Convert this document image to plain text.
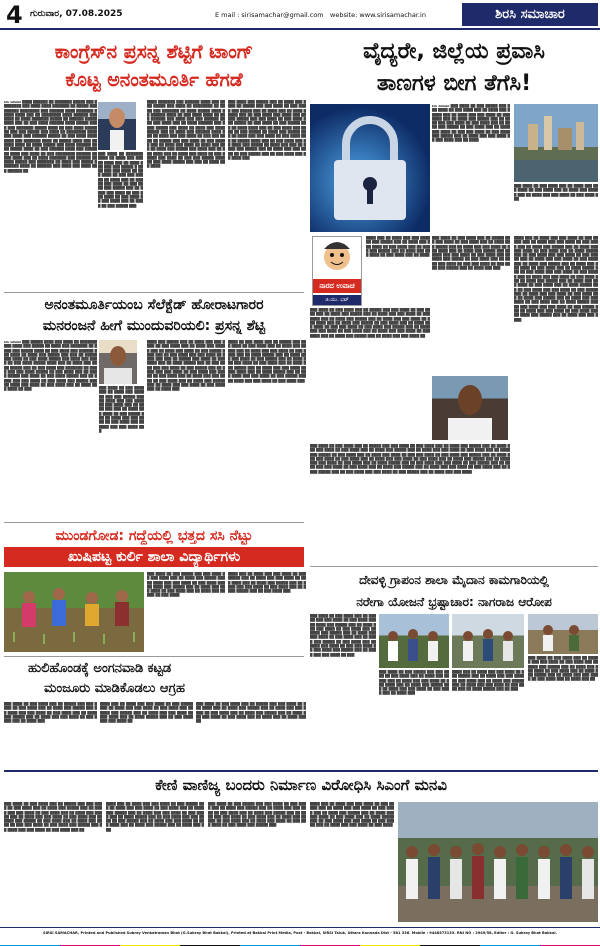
4 ಗುರುವಾರ, 07.08.2025	E mail : sirisamachar@gmail.com website: www.sirisamachar.in	ಶಿರಸಿ ಸಮಾಚಾರ
ಕಾಂಗ್ರೆಸ್‌ನ ಪ್ರಸನ್ನ ಶೆಟ್ಟಿಗೆ ಟಾಂಗ್
ಕೊಟ್ಟ ಅನಂತಮೂರ್ತಿ ಹೆಗಡೆ
ಶಿರಸಿ ಸಮಾಚಾರ ████ ██████ ██ ███████ █████ ███ ████████ ███ ████ ████ ███████ ██ █████ ███ ██████ ████████ ███ ██████ ████ ███████ █████ ████ ███ ██ ████████ ████ ██████ ███ ████ ██ ████ ███████ █████ ██ ██████ █████████ ███ ██ ███ ████ ██████ ████ █████ ████ ███ ███████ █████ ████ ██ ███ ████ ███████ ███ ███ █████ ███ ████ ██ ████████ ███████ ████ ███ ██████ █████ ██ ███ ████ ████████ ███ ███████ ████ ██ █████ ████ ███ ██████ ████ ██ ████ █████ ███ ████ ██████ ████ █████ ████ ██ ███ ██████ ████ ███ ███████ ████ ███ ████ ██ ███ ████████ ██████ █████ ████ ███ ██ ████ ███████ ███ ██████ ██ ████ █████ ███ ███████ ██ ████ ███ █████ ███████ ████ ██ ██████ ███ ████ ███ ████ ███ ██████ ██
███ ████ ██ ███████ ████ ██ ████ ███ █████ ████ ███ ██ ████ ███ ███ ███ █████ █ ████ ███ ███ ████ ██ ███ ████ ██ ███ ███ █████ ██ ████ ███ ██ █████ ███ ████ ██ ███ ████ ███ █████ ███ ██ ████ ███ ████ ██ ███ ███ ████ ██ ███ ████ ██ ███ ████ ███ ██ ████ ██ ███ █████ ███
████ ███████ ███ ██████ ████ ███ ████ █████ ███ ████ ██ ████████ ██ ████ ███ ███████ ██ ████ █████ ████ ██ ██████ ████ ██ ███ ████ ████ ██ ███ ██████ ███ ████ ███ ███ ██████ ████ ███ ████ ███ ██ ████ ██████ ███ ████ █████ ███ ████ ██ ████ ███ ████ █████ ███ ██ ████ ███ ██████ ████ ███ ██ ████ ███ ███ ████ ██ ███ ███ ████ ██ █████ ███ ███ ████ ██ ███ █████ ███ ██ ████ ███ ████ ██ ████ ███ ███ ██ ████ ███ █████ ███ ████ ███ ██ ███ ████ ███ ██ ████ ███ ████ ██ ███ █████ ███ ████ ██ ███ ███ █████ ████ ██ ███ ████ █████ ███ ███ ██ ████ ███ ████
███ ████ ███ █████ ███ ██ ████ ███ ████ ██ █████ ███ ███ ████ ██ ███ ████ ███ █████ ███ ██ ████ ███ ██ ████ █████ ███ ██ ███ ████ ███ ████ ███ ██ ███ █████ ███ ███ ████ ██ ███ ████ ███ █████ ██ ███ ████ ██ ███ █████ ███ ██ ████ ████ ███ ██ ███ ████ ███ ████ ██ ███ █████ ██ ████ ███ █████ ███ ██ ████ ███ ███ ████ ██ ███ ████ ███ ██ █████ ████ ███ ██ ███ ████ ███ ██ ████ ███ █████ ██ ████ ███ ███ ██ ████ ███ █████ ███ ██ ████ ███ ███ ████ ██ ███ █████ ███ ██ ███ ████ ███ ██ ████ ███
ಅನಂತಮೂರ್ತಿಯಂಬ ಸೆಲೆಕ್ಟೆಡ್ ಹೋರಾಟಗಾರರ
ಮನರಂಜನೆ ಹೀಗೆ ಮುಂದುವರಿಯಲಿ: ಪ್ರಸನ್ನ ಶೆಟ್ಟಿ
ಶಿರಸಿ ಸಮಾಚಾರ ███ █████ ████ ███ ████ ██ ███████ ███ ████ ███ █████ ██ ████ ███ ███████ ██ ████ ███ █████ ████ ██ ███ ████ ███ ██████ ███ ████ ██ ████ ███ █████ ███ ███ ██ █████ ███ ████ ██ ███ ████ █████ ███ ████ ███ ████ ██ ███ ████ █████ ████ ███ ██ ████ ███ ████ █████ ███ ██ ███ ████ ███ ███████ ██ ████ ███ ███ ████ █████ ██ ███ ████ ███ ██ ████ █████ ███ ████ ██ ███ ████ █████ ███ ██ ████ ███ ███ ████ ██ ███ ████ ███ █████ ███ ██ ████ ███ ████ ██ ███ ████ ███ ██ ████ ███ ████ ██ ███	███ ████ ██ ███ ████ ███ ██ ████ ███ ████ ██ ███ ███ █████ ███ ██ ████ ███ ███ ████ ██ ███ ████ ███ ██ ████ ███ ███ ██ ████ ███ ████ ██ ███ █████ ███ ██ ████ ███ ███ ████ ██ ███ ████ ███ ██ ████ ███ ███ ████ ███
████ ███ █████ ███ ██ ████ ███ ███ ████ ██ ███ ████ ███ ██ ████ ███ █████ ███ ██ ████ ███ ████ ██ ███ █████ ████ ███ ██ ███ ████ ███ ███ ████ ██ ████ ███ ███ ██ █████ ███ ████ ██ ███ ████ ███ ██ ████ █████ ███ ██ ███ ████ ███ ███ ████ ██ ███ █████ ███ ██ ████ ███ ███ ████ ██ ███ ████ ███ █████ ██ ███ ████ ███ ██ ████ ███ ███ ████ ██ ███ ████ ███ ██ ████ ███ █████ ███ ██ ████ ███ ███ ████ ██ ███ ████ ███ ██ ████ ███
████ ██ ███ ████ ███ ██ █████ ███ ███ ████ ██ ███ ████ ███ ██ ████ ███ █████ ███ ██ ████ ███ ███ ████ ██ ███ ████ ███ ██ ████ █████ ███ ██ ████ ███ ███ ████ ██ ███ █████ ███ ██ ████ ███ ███ ████ ██ ███ ████ ███ ██ ████ ███ █████ ███ ██ ████ ███ ███ ████ ██ ███ ████ ███ ██ ████ █████ ███ ██ ███ ████ ███ ███ ████ ██ ███ █████ ███ ██ ████ ███ ███ ████ ██ ███ ████ ███
ಮುಂಡಗೋಡ: ಗದ್ದೆಯಲ್ಲಿ ಭತ್ತದ ಸಸಿ ನೆಟ್ಟು
ಖುಷಿಪಟ್ಟ ಕುರ್ಲಿ ಶಾಲಾ ವಿದ್ಯಾರ್ಥಿಗಳು
███ ████ ██ ███ █████ ███ ███ ████ ██ ███ ████ ███ ██ ████ ███ █████ ███ ██ ████ ███ ███ ████ ██ ███ ████ ███ ██ ████ ███ █████ ███ ██ ████ ███ ███ ████ ██ ███ ████ ███ ██ ████ ███ █████ ██ ███ ████
████ ███ ██ ████ ███ ███ ████ ██ ███ █████ ███ ██ ████ ███ ███ ████ ██ ███ ████ ███ ██ ████ ███ █████ ███ ██ ████ ███ ███ ████ ██ ███ ████ ███ ██ ████ █████ ███ ██ ███ ████ ███
ಹುಲಿಹೊಂಡಕ್ಕೆ ಅಂಗನವಾಡಿ ಕಟ್ಟಡ
ಮಂಜೂರು ಮಾಡಿಕೊಡಲು ಆಗ್ರಹ
███ ████ ██ ███ ████ ███ ██ █████ ███ ███ ████ ██ ███ ████ ███ ██ ████ ███ █████ ███ ██ ████ ███ ███ ████ ██ ███ ████ ███ ██ ████ ███ █████ ███ ██ ████ ███ ███ ████ ██ ███ ████ ███ ██ ████ ███
████ ███ ██ ████ ███ ███ ████ ██ ███ █████ ███ ██ ████ ███ ███ ████ ██ ███ ████ ███ ██ ████ ███ █████ ███ ██ ████ ███ ███ ████ ██ ███ ████ ███ ██ ████ █████ ███ ██ ███ ████ ███ ███ ████ ██
███ ████ ██ ███ ████ ███ ██ █████ ███ ███ ████ ██ ███ ████ ███ ██ ████ ███ █████ ███ ██ ████ ███ ███ ████ ██ ███ ████ ███ ██ ████ ███ █████ ███ ██ ████ ███ ███ ████ ██ ███ ████ ███ ██ ████ ███ ██ ████ ███ ██
ವೈದ್ಯರೇ, ಜಿಲ್ಲೆಯ ಪ್ರವಾಸಿ
ತಾಣಗಳ ಬೀಗ ತೆಗೆಸಿ!
ಶಿರಸಿ ಸಮಾಚಾರ ███ ████ ██ ███ █████ ███ ███ ████ ██ ███ ████ ███ ██ ████ ███ █████ ███ ██ ████ ███ ███ ████ ██ ███ ████ ███ ██ ████ ███ █████ ███ ██ ████ ███ ███ ████ ██ ███ ████ ███ ██ ████ ███ █████ ██ ███ ████ ███ ██ ████ ███ ████ ██ ███ ███ ████ ██ ███ ████ ███ █████ ███ ██ ████ ███ ███ ████ ██ ███ ████ ███ ██ ████
███ ████ ██ ███ ████ ███ ██ ████ ███ ███ ████ ██ ███ ████ ███ ██ ████ ███ █████ ███ ██ ████ ███ ███ ████ ██ ███ ████ ███
ನಾರದ ಉವಾಚ
ಜಿ.ಯು. ಭಟ್
████ ███ ██ ████ ███ ███ ████ ██ ███ █████ ███ ██ ████ ███ ███ ████ ██ ███ ████ ███ ██ ████ ███ █████ ███ ██ ████ ███ ███ ████ ██ ███ ████ ███ ██ ████
███ ████ ██ ███ ████ ███ ██ █████ ███ ███ ████ ██ ███ ████ ███ ██ ████ ███ █████ ███ ██ ████ ███ ███ ████ ██ ███ ████ ███ ██ ████ ███ █████ ███ ██ ████ ███ ███ ████ ██ ███ ████ ███ ██ ████ ███ █████ ██ ███ ████ ███ ██ ████ ███ ████ ██ ███ ███ ████ ██ ███ ████ ███ █████ ███ ██ ████ ███ ███ ████ ██ ███ ████ ███ ██ ████ ███ ███ ████ ██ ███ ████ ███ ██ ████ ███ █████ ███ ██ ████ ███ ███ ████ ██
███ ████ ██ ███ ████ ███ ██ █████ ███ ███ ████ ██ ███ ████ ███ ██ ████ ███ █████ ███ ██ ████ ███ ███ ████ ██ ███ ████ ███ ██ ████ ███ █████ ███ ██ ████ ███ ███ ████ ██ ███ ████ ███ ██ ████ ███ █████ ██ ███ ████ ███ ██ ████ ███ ████ ██ ███ ███ ████ ██ ███ ████ ███ █████ ███ ██ ████ ███ ███
████ ███ ██ ████ ███ ███ ████ ██ ███ █████ ███ ██ ████ ███ ███ ████ ██ ███ ████ ███ ██ ████ ███ █████ ███ ██ ████ ███ ███ ████ ██ ███ ████ ███ ██ ████ █████ ███ ██ ███ ████ ███ ███ ████ ██ ███ █████ ███ ██ ████ ███ ███ ████ ██ ███ ████ ███ ██ ████ ███ █████ ███ ██ ████ ███ ███ ████ ██ ███ ████ ███ ██ ████ █████ ███ ██ ███ ████ ███ ███ ████ ██ ███ █████ ███ ██ ████ ███ ███ ████ ██ ███ ████ ███ ██ ████ ███ █████ ███ ██ ████ ███ ███ ████ ██ ███ ████ ███ ██ ████ █████ ███ ██ ███ ████ ███ ███ ████ ██ ███ █████ ███ ██ ████ ███ ███ ████ ██ ███ ████ ███ ██ ████ ███ █████ ███ ██ ████ ███ ███ ████ ██ ███ ████ ███ ██ ████ █████ ███ ██ ███ ████ ███ ███ ████ ██ ███ █████ ███ ██ ████ ███ ███ ████ ██ ███ ████ ███ ██ ████ ███ █████ ███ ██ ████ ███ ███ ████
███ ████ ██ ███ ████ ███ ██ █████ ███ ███ ████ ██ ███ ████ ███ ██ ████ ███ █████ ███ ██ ████ ███ ███ ████ ██ ███ ████ ███ ██ ████ ███ █████ ███ ██ ████ ███ ███ ████ ██ ███ ████ ███ ██ ████ ███ █████ ██ ███ ████ ███ ██ ████ ███ ████ ██ ███ ███ ████ ██ ███ ████ ███ █████ ███ ██ ████ ███ ███ ████ ██ ███ ████ ███ ██ ████ ███ ███ ████ ██ ███ ████ ███ ██ ████ ███ █████ ███ ██ ████ ███ ███ ████ ██ ███ ████ ███ ██ ████ █████ ███ ██ ███ ████ ███ ███ ████ ██ ███ █████ ███ ██ ████ ███ ███ ████ ██ ███ ████ ███ ██ ████ ███ █████ ███ ██ ████ ███ ███ ████ ██ ███ ████ ███ ██ ████ █████ ███ ██ ███ ████ ███ ███ ████ ██ ███ █████ ███ ██ ████ ███ ███ ████
ದೇವಳ್ಳಿ ಗ್ರಾಪಂನ ಶಾಲಾ ಮೈದಾನ ಕಾಮಗಾರಿಯಲ್ಲಿ
ನರೇಗಾ ಯೋಜನೆ ಭ್ರಷ್ಟಾಚಾರ: ನಾಗರಾಜ ಆರೋಪ
███ ████ ██ ███ ████ ███ ██ █████ ███ ███ ████ ██ ███ ████ ███ ██ ████ ███ █████ ███ ██ ████ ███ ███ ████ ██ ███ ████ ███ ██ ████ ███ █████ ███ ██ ████ ███ ███ ████ ██ ███ ████ ███ ██ ████ ███ █████ ██ ███ ████ ███ ██ ████ ███ ████ ██ ███ ███ ████ ██ ███ ████ ███ █████ ███ ██ ████ ███ ███ ████ ██ ███
███ ████ ██ ███ █████ ███ ███ ████ ██ ███ ████ ███ ██ ████ ███ █████ ███ ██ ████ ███ ███ ████ ██ ███ ████ ███ ██ ████ ███ █████ ███ ██ ████ ███ ███ ████ ██ ███ ████ ███ ██ ████ ███
████ ███ ██ ████ ███ ███ ████ ██ ███ █████ ███ ██ ████ ███ ███ ████ ██ ███ ████ ███ ██ ████ ███ █████ ███ ██ ████ ███ ███ ████ ██ ███ ████ ███ ██ ████ █████ ███ ██ ███
███ ████ ██ ███ ████ ███ ██ █████ ███ ███ ████ ██ ███ ████ ███ ██ ████ ███ █████ ███ ██ ████ ███ ███ ████ ██ ███ ████ ███ ██ ████ ███ █████ ███ ██ ████ ███ ███ ████ ██ ███ ████ ███ ██ ████ ███ ██
ಕೇಣಿ ವಾಣಿಜ್ಯ ಬಂದರು ನಿರ್ಮಾಣ ವಿರೋಧಿಸಿ ಸಿಎಂಗೆ ಮನವಿ
███ ████ ██ ███ ████ ███ ██ █████ ███ ███ ████ ██ ███ ████ ███ ██ ████ ███ █████ ███ ██ ████ ███ ███ ████ ██ ███ ████ ███ ██ ████ ███ █████ ███ ██ ████ ███ ███ ████ ██ ███ ████ ███ ██ ████ ███ █████ ██ ███ ████ ███ ██ ████ ███ ████ ██ ███ ███ ████ ██ ███ ████ ███ █████ ███ ██ ████ ███ ███ ████ ██ ███ ████ ███ ██
████ ███ ██ ████ ███ ███ ████ ██ ███ █████ ███ ██ ████ ███ ███ ████ ██ ███ ████ ███ ██ ████ ███ █████ ███ ██ ████ ███ ███ ████ ██ ███ ████ ███ ██ ████ █████ ███ ██ ███ ████ ███ ███ ████ ██ ███ █████ ███ ██ ████ ███ ███ ████ ██ ███ ████ ███ ██ ████ ███ █████ ███ ██ ████ ███ ███
███ ████ ██ ███ █████ ███ ███ ████ ██ ███ ████ ███ ██ ████ ███ █████ ███ ██ ████ ███ ███ ████ ██ ███ ████ ███ ██ ████ ███ █████ ███ ██ ████ ███ ███ ████ ██ ███ ████ ███ ██ ████ ███ █████ ██ ███ ████ ███ ██ ████ ███ ████ ██ ███ ███ ████ ██ ███ ████ ███ █████ ███
████ ███ ██ ████ ███ ███ ████ ██ ███ █████ ███ ██ ████ ███ ███ ████ ██ ███ ████ ███ ██ ████ ███ █████ ███ ██ ████ ███ ███ ████ ██ ███ ████ ███ ██ ████ █████ ███ ██ ███ ████ ███ ███ ████ ██ ███ █████ ███ ██ ████ ███ ███ ████ ██ ███ ████
SIRSI SAMACHAR, Printed and Published Subray Venkatraman Bhat (G.Subray Bhat Bakkal), Printed at Bakkal Print Media, Post - Bakkal, SIRSI Taluk, Uttara Kannada Dist - 581 336. Mobile : 9448573133. RNI NO : 2949/58, Editor : G. Subray Bhat Bakkal.
